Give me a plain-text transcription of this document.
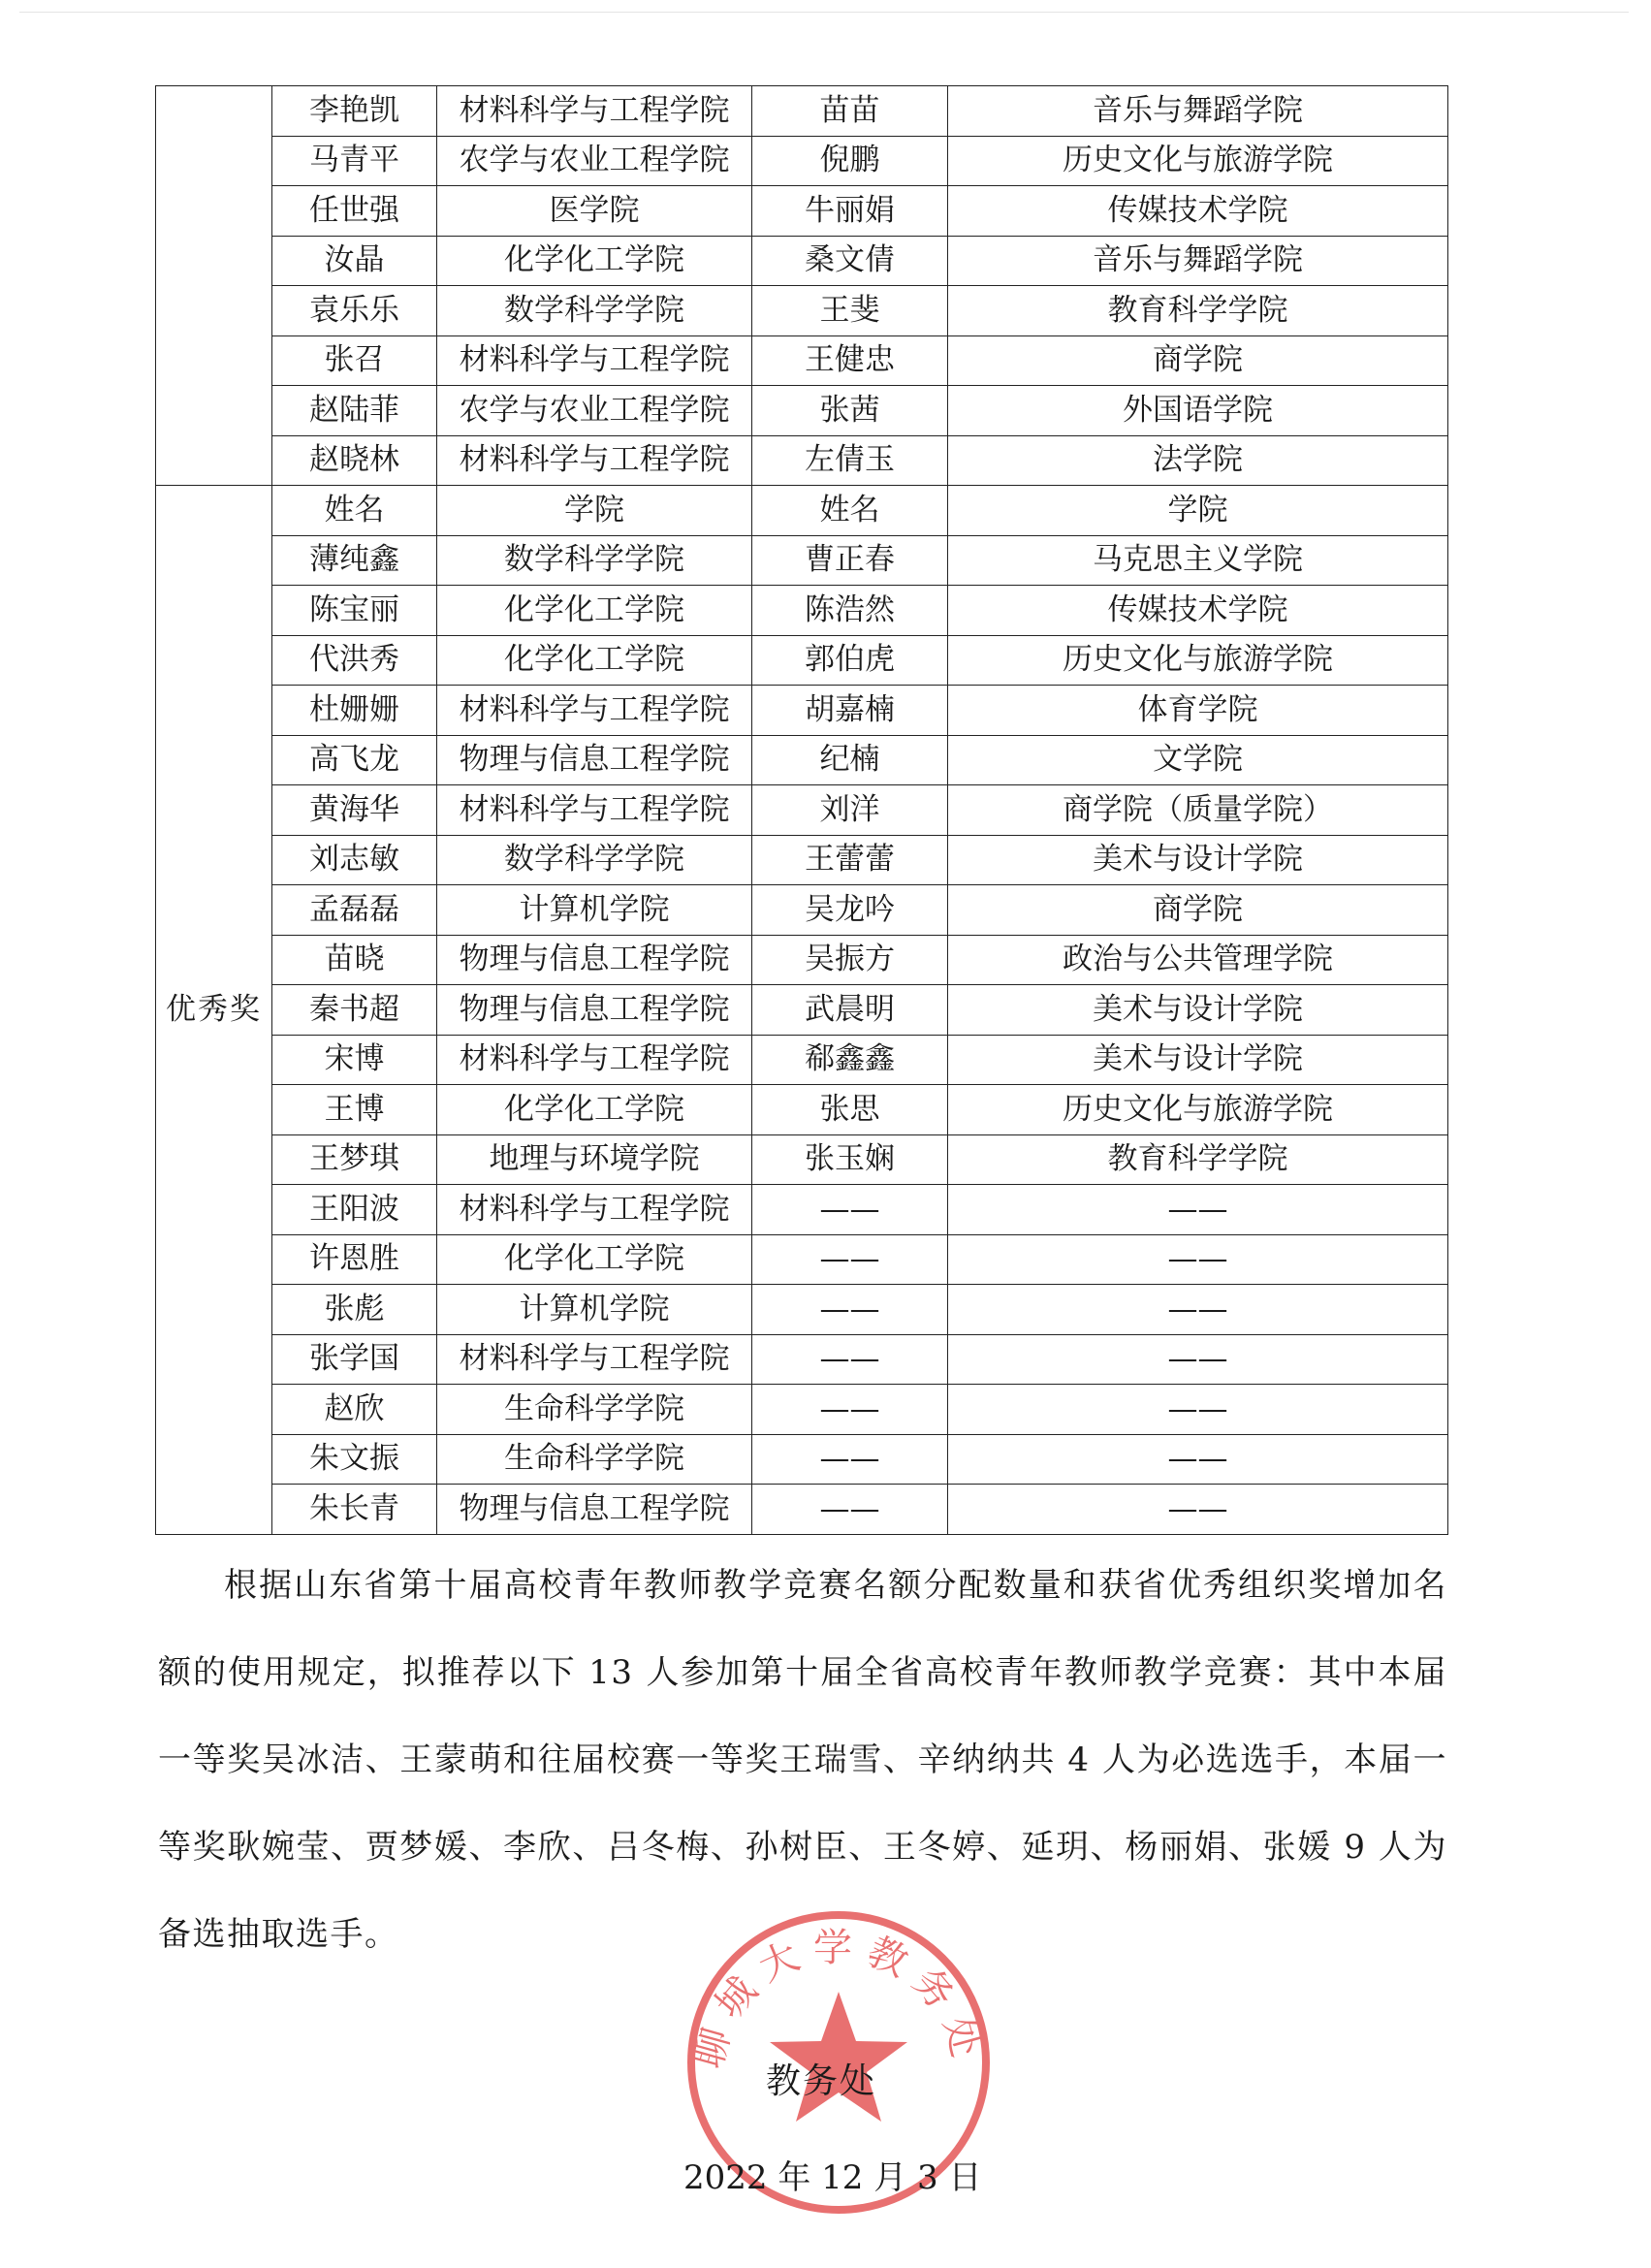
	李艳凯	材料科学与工程学院	苗苗	音乐与舞蹈学院
	马青平	农学与农业工程学院	倪鹏	历史文化与旅游学院
	任世强	医学院	牛丽娟	传媒技术学院
	汝晶	化学化工学院	桑文倩	音乐与舞蹈学院
	袁乐乐	数学科学学院	王斐	教育科学学院
	张召	材料科学与工程学院	王健忠	商学院
	赵陆菲	农学与农业工程学院	张茜	外国语学院
	赵晓林	材料科学与工程学院	左倩玉	法学院
优秀奖	姓名	学院	姓名	学院
	薄纯鑫	数学科学学院	曹正春	马克思主义学院
	陈宝丽	化学化工学院	陈浩然	传媒技术学院
	代洪秀	化学化工学院	郭伯虎	历史文化与旅游学院
	杜姗姗	材料科学与工程学院	胡嘉楠	体育学院
	高飞龙	物理与信息工程学院	纪楠	文学院
	黄海华	材料科学与工程学院	刘洋	商学院（质量学院）
	刘志敏	数学科学学院	王蕾蕾	美术与设计学院
	孟磊磊	计算机学院	吴龙吟	商学院
	苗晓	物理与信息工程学院	吴振方	政治与公共管理学院
	秦书超	物理与信息工程学院	武晨明	美术与设计学院
	宋博	材料科学与工程学院	郗鑫鑫	美术与设计学院
	王博	化学化工学院	张思	历史文化与旅游学院
	王梦琪	地理与环境学院	张玉娴	教育科学学院
	王阳波	材料科学与工程学院	——	——
	许恩胜	化学化工学院	——	——
	张彪	计算机学院	——	——
	张学国	材料科学与工程学院	——	——
	赵欣	生命科学学院	——	——
	朱文振	生命科学学院	——	——
	朱长青	物理与信息工程学院	——	——

根据山东省第十届高校青年教师教学竞赛名额分配数量和获省优秀组织奖增加名额的使用规定，拟推荐以下 13 人参加第十届全省高校青年教师教学竞赛：其中本届一等奖吴冰洁、王蒙萌和往届校赛一等奖王瑞雪、辛纳纳共 4 人为必选选手，本届一等奖耿婉莹、贾梦媛、李欣、吕冬梅、孙树臣、王冬婷、延玥、杨丽娟、张媛 9 人为备选抽取选手。

聊城大学教务处
教务处
2022 年 12 月 3 日
